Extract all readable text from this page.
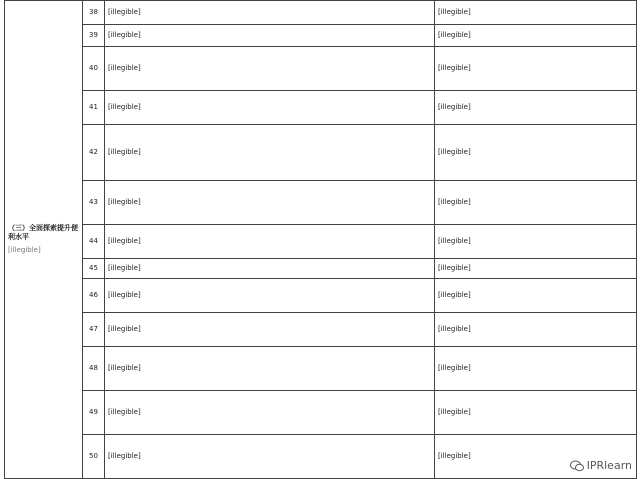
（三）全面探索提升便利水平
[illegible]	38	[illegible]	[illegible]
	39	[illegible]	[illegible]
	40	[illegible]	[illegible]
	41	[illegible]	[illegible]
	42	[illegible]	[illegible]
	43	[illegible]	[illegible]
	44	[illegible]	[illegible]
	45	[illegible]	[illegible]
	46	[illegible]	[illegible]
	47	[illegible]	[illegible]
	48	[illegible]	[illegible]
	49	[illegible]	[illegible]
	50	[illegible]	[illegible]
IPRlearn
